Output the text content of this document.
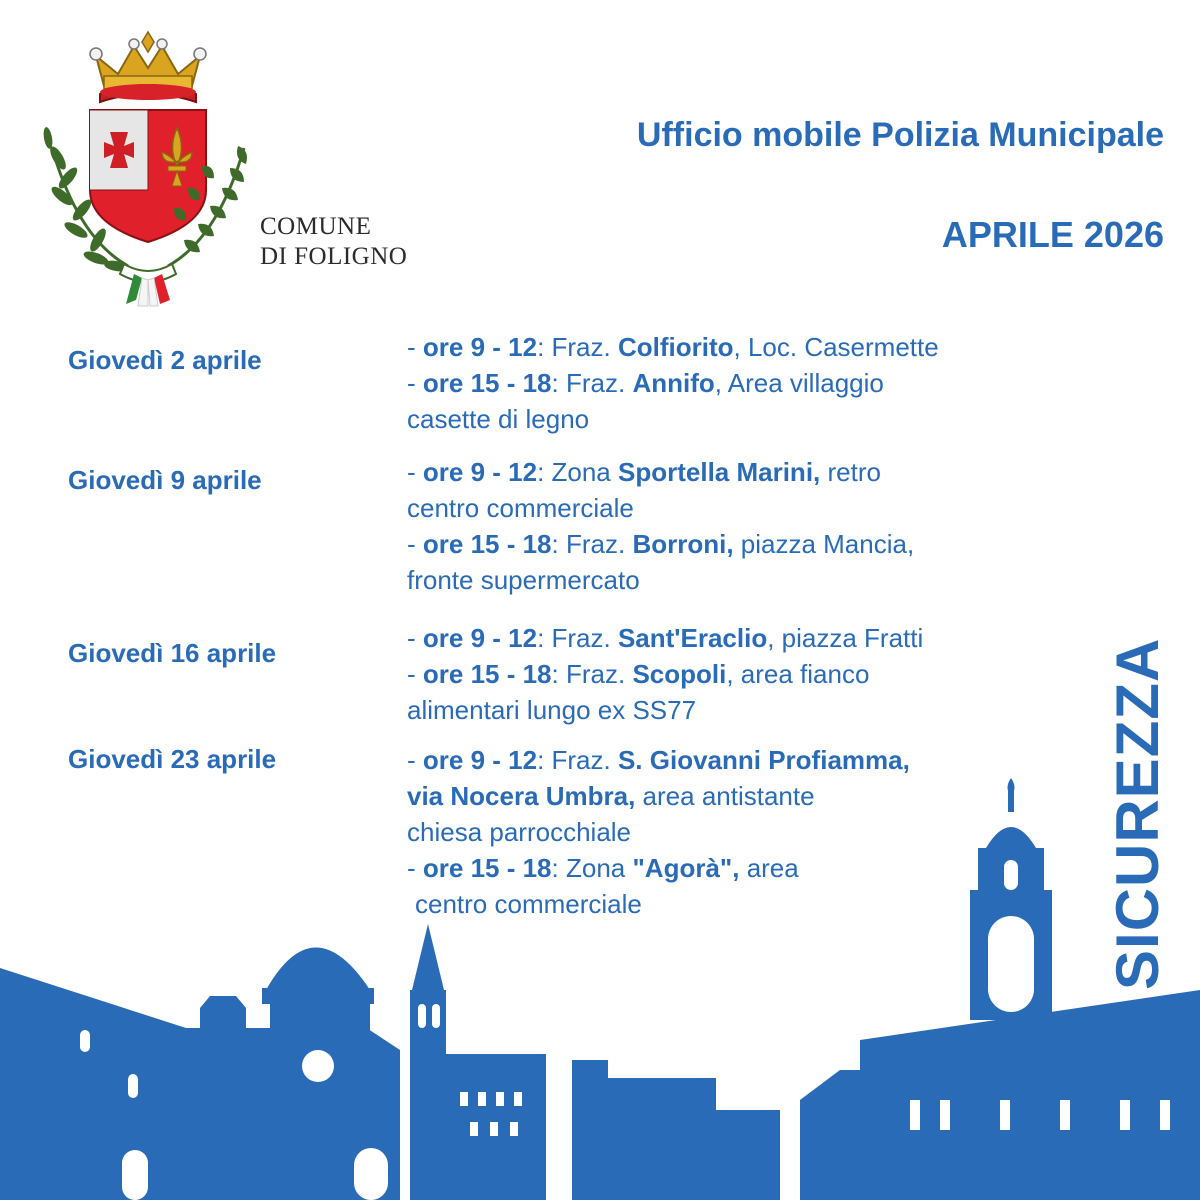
COMUNE
DI FOLIGNO
Ufficio mobile Polizia Municipale
APRILE 2026
SICUREZZA
Giovedì 2 aprile	- ore 9 - 12: Fraz. Colfiorito, Loc. Casermette
- ore 15 - 18: Fraz. Annifo, Area villaggio
casette di legno
Giovedì 9 aprile	- ore 9 - 12: Zona Sportella Marini, retro
centro commerciale
- ore 15 - 18: Fraz. Borroni, piazza Mancia,
fronte supermercato
Giovedì 16 aprile	- ore 9 - 12: Fraz. Sant'Eraclio, piazza Fratti
- ore 15 - 18: Fraz. Scopoli, area fianco
alimentari lungo ex SS77
Giovedì 23 aprile	- ore 9 - 12: Fraz. S. Giovanni Profiamma,
via Nocera Umbra, area antistante
chiesa parrocchiale
- ore 15 - 18: Zona "Agorà", area
centro commerciale
